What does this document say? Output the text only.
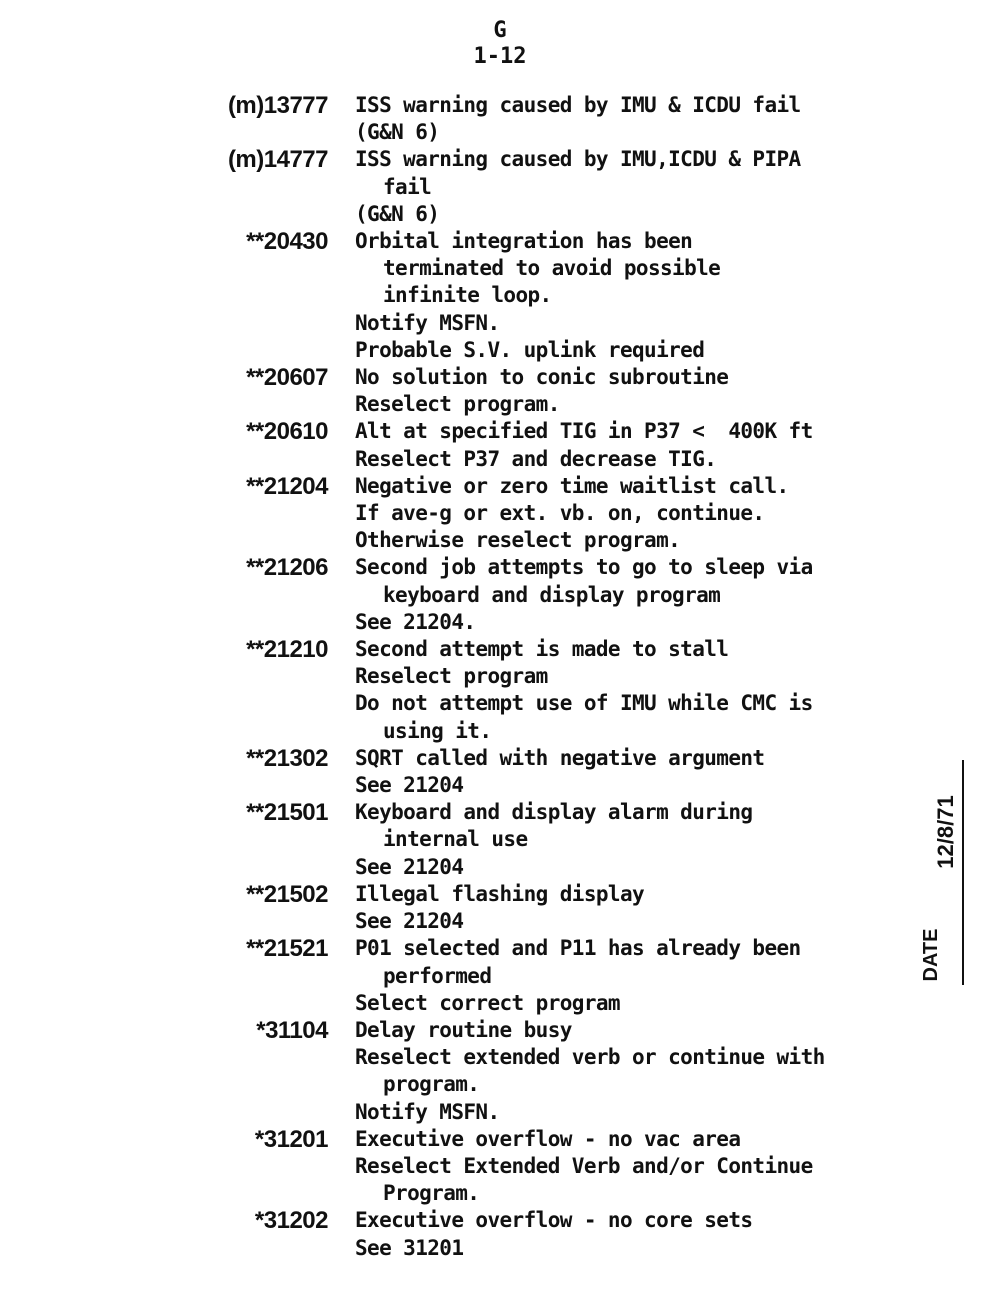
G
1-12
(m)13777 ISS warning caused by IMU & ICDU fail
(G&N 6)
(m)14777 ISS warning caused by IMU,ICDU & PIPA
fail
(G&N 6)
**20430 Orbital integration has been
terminated to avoid possible
infinite loop.
Notify MSFN.
Probable S.V. uplink required
**20607 No solution to conic subroutine
Reselect program.
**20610 Alt at specified TIG in P37 <  400K ft
Reselect P37 and decrease TIG.
**21204 Negative or zero time waitlist call.
If ave-g or ext. vb. on, continue.
Otherwise reselect program.
**21206 Second job attempts to go to sleep via
keyboard and display program
See 21204.
**21210 Second attempt is made to stall
Reselect program
Do not attempt use of IMU while CMC is
using it.
**21302 SQRT called with negative argument
See 21204
**21501 Keyboard and display alarm during
internal use
See 21204
**21502 Illegal flashing display
See 21204
**21521 P01 selected and P11 has already been
performed
Select correct program
*31104 Delay routine busy
Reselect extended verb or continue with
program.
Notify MSFN.
*31201 Executive overflow - no vac area
Reselect Extended Verb and/or Continue
Program.
*31202 Executive overflow - no core sets
See 31201
12/8/71
DATE
